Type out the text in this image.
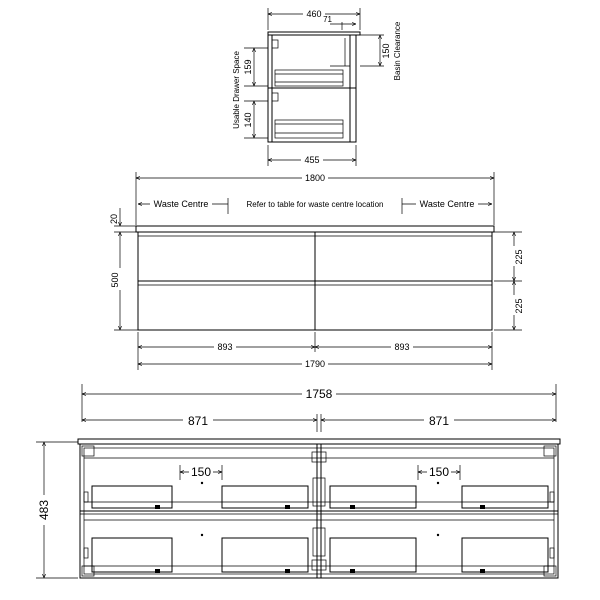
460
71
150 Basin Clearance
159
140
Usable Drawer Space
455
1800
Waste Centre	Waste Centre
Refer to table for waste centre location
20
500
225
225
893	893
1790
1758
871	871
483
150	150
